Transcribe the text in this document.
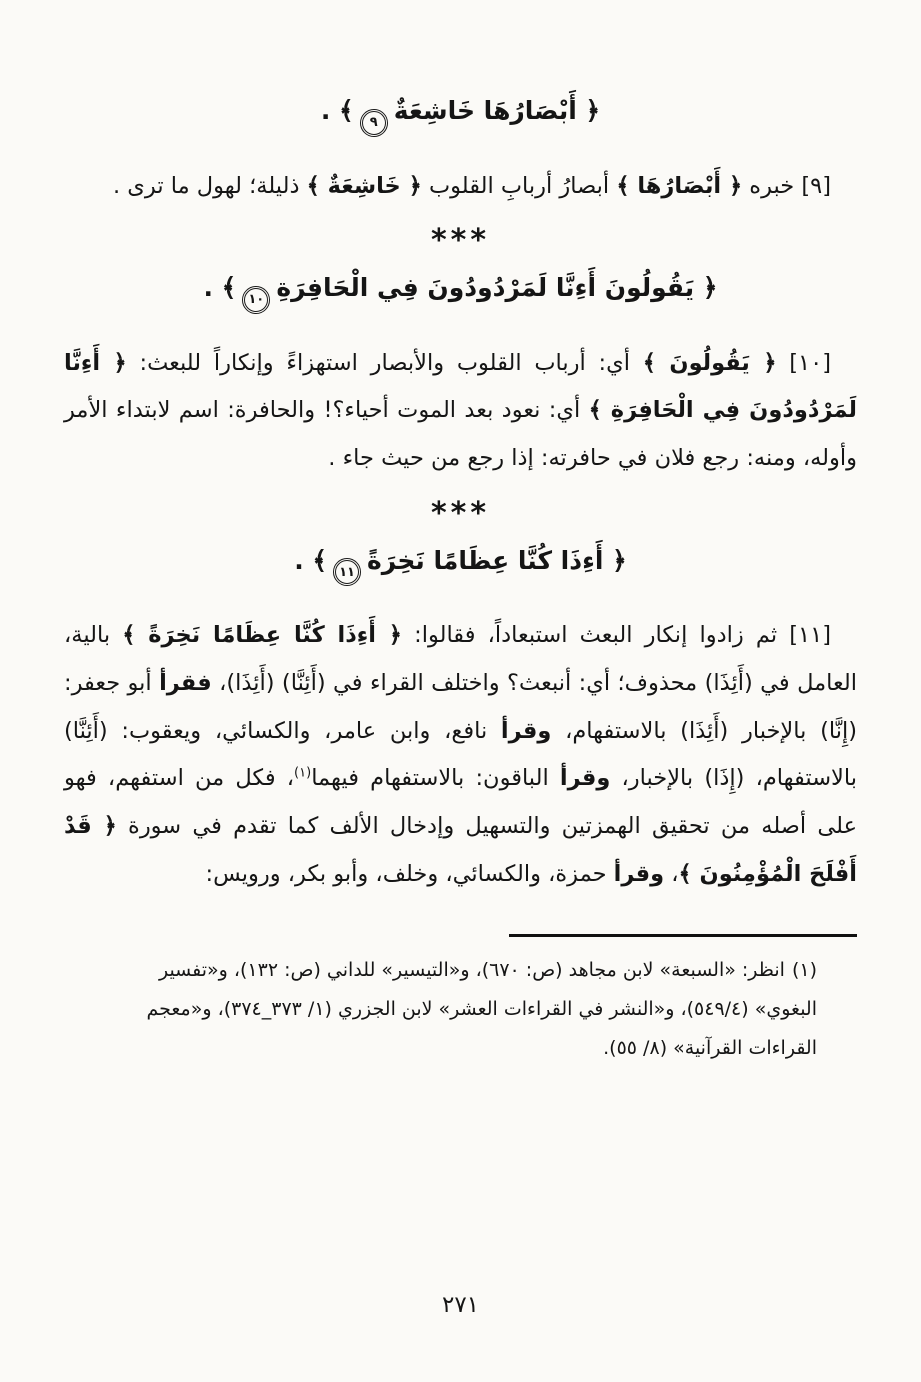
﴿ أَبْصَارُهَا خَاشِعَةٌ٩﴾ .

[٩] خبره ﴿ أَبْصَارُهَا ﴾ أبصارُ أربابِ القلوب ﴿ خَاشِعَةٌ ﴾ ذليلة؛ لهول ما ترى .

***
﴿ يَقُولُونَ أَءِنَّا لَمَرْدُودُونَ فِي الْحَافِرَةِ١٠﴾ .

[١٠] ﴿ يَقُولُونَ ﴾ أي: أرباب القلوب والأبصار استهزاءً وإنكاراً للبعث: ﴿ أَءِنَّا لَمَرْدُودُونَ فِي الْحَافِرَةِ ﴾ أي: نعود بعد الموت أحياء؟! والحافرة: اسم لابتداء الأمر وأوله، ومنه: رجع فلان في حافرته: إذا رجع من حيث جاء .

***
﴿ أَءِذَا كُنَّا عِظَامًا نَخِرَةً١١﴾ .

[١١] ثم زادوا إنكار البعث استبعاداً، فقالوا: ﴿ أَءِذَا كُنَّا عِظَامًا نَخِرَةً ﴾ بالية، العامل في (أَئِذَا) محذوف؛ أي: أنبعث؟ واختلف القراء في (أَئِنَّا) (أَئِذَا)، فقرأ أبو جعفر: (إِنَّا) بالإخبار (أَئِذَا) بالاستفهام، وقرأ نافع، وابن عامر، والكسائي، ويعقوب: (أَئِنَّا) بالاستفهام، (إِذَا) بالإخبار، وقرأ الباقون: بالاستفهام فيهما$^{(١)}$، فكل من استفهم، فهو على أصله من تحقيق الهمزتين والتسهيل وإدخال الألف كما تقدم في سورة ﴿ قَدْ أَفْلَحَ الْمُؤْمِنُونَ ﴾، وقرأ حمزة، والكسائي، وخلف، وأبو بكر، ورويس:

(١)انظر: «السبعة» لابن مجاهد (ص: ٦٧٠)، و«التيسير» للداني (ص: ١٣٢)، و«تفسير البغوي» (٥٤٩/٤)، و«النشر في القراءات العشر» لابن الجزري (١/ ٣٧٣_٣٧٤)، و«معجم القراءات القرآنية» (٨/ ٥٥).

٢٧١
